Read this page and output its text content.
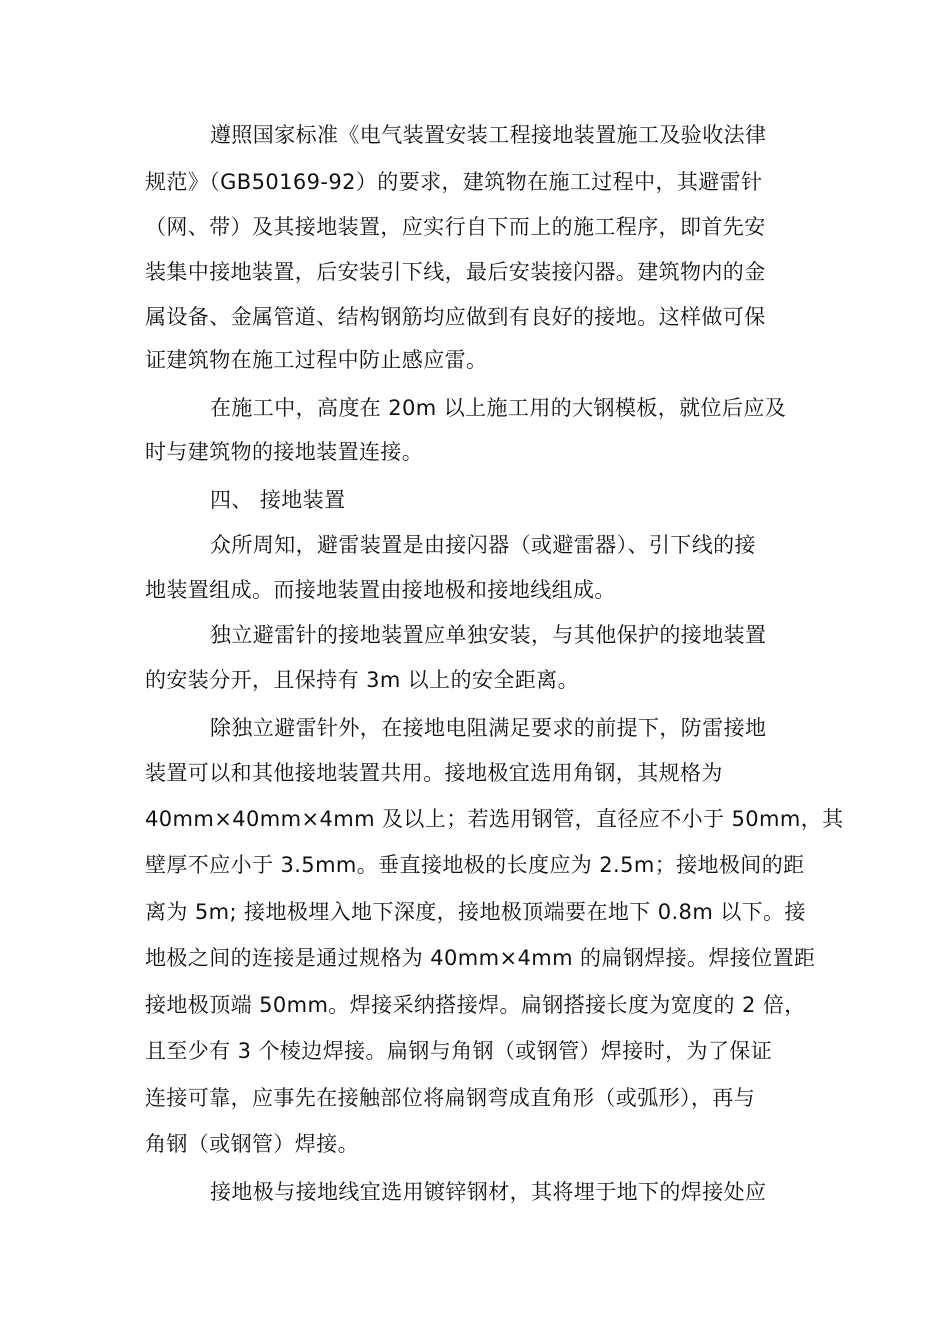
遵照国家标准《电气装置安装工程接地装置施工及验收法律
规范》（GB50169-92）的要求，建筑物在施工过程中，其避雷针
（网、带）及其接地装置，应实行自下而上的施工程序，即首先安
装集中接地装置，后安装引下线，最后安装接闪器。建筑物内的金
属设备、金属管道、结构钢筋均应做到有良好的接地。这样做可保
证建筑物在施工过程中防止感应雷。
在施工中，高度在 20m 以上施工用的大钢模板，就位后应及
时与建筑物的接地装置连接。
四、 接地装置
众所周知，避雷装置是由接闪器（或避雷器）、引下线的接
地装置组成。而接地装置由接地极和接地线组成。
独立避雷针的接地装置应单独安装，与其他保护的接地装置
的安装分开，且保持有 3m 以上的安全距离。
除独立避雷针外，在接地电阻满足要求的前提下，防雷接地
装置可以和其他接地装置共用。接地极宜选用角钢，其规格为
40mm×40mm×4mm 及以上；若选用钢管，直径应不小于 50mm，其
壁厚不应小于 3.5mm。垂直接地极的长度应为 2.5m；接地极间的距
离为 5m; 接地极埋入地下深度，接地极顶端要在地下 0.8m 以下。接
地极之间的连接是通过规格为 40mm×4mm 的扁钢焊接。焊接位置距
接地极顶端 50mm。焊接采纳搭接焊。扁钢搭接长度为宽度的 2 倍，
且至少有 3 个棱边焊接。扁钢与角钢（或钢管）焊接时，为了保证
连接可靠，应事先在接触部位将扁钢弯成直角形（或弧形），再与
角钢（或钢管）焊接。
接地极与接地线宜选用镀锌钢材，其将埋于地下的焊接处应
